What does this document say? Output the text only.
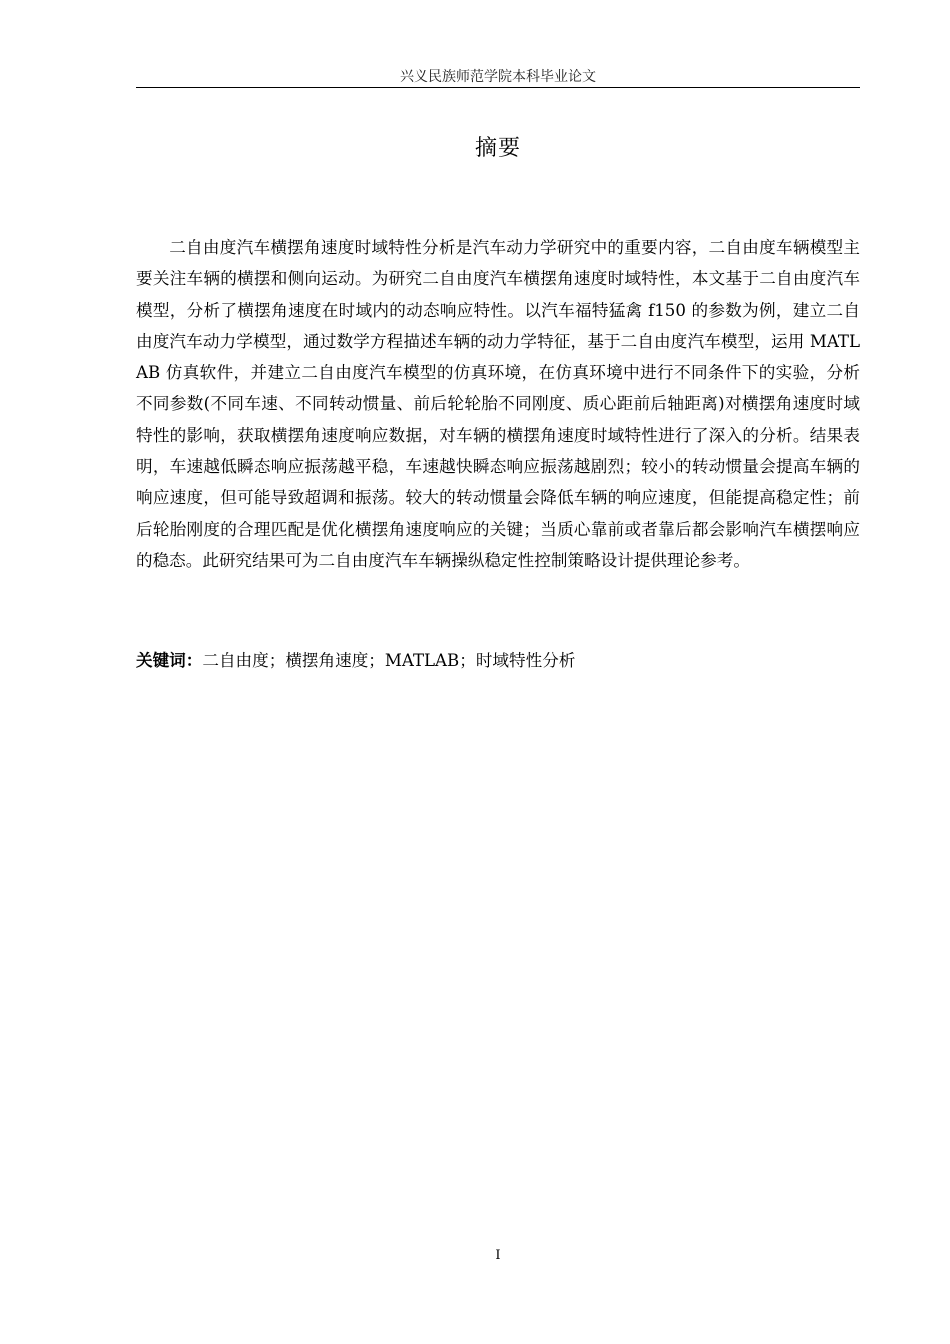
兴义民族师范学院本科毕业论文
摘要

二自由度汽车横摆角速度时域特性分析是汽车动力学研究中的重要内容，二自由度车辆模型主要关注车辆的横摆和侧向运动。为研究二自由度汽车横摆角速度时域特性，本文基于二自由度汽车模型，分析了横摆角速度在时域内的动态响应特性。以汽车福特猛禽 f150 的参数为例，建立二自由度汽车动力学模型，通过数学方程描述车辆的动力学特征，基于二自由度汽车模型，运用 MATLAB 仿真软件，并建立二自由度汽车模型的仿真环境，在仿真环境中进行不同条件下的实验，分析不同参数(不同车速、不同转动惯量、前后轮轮胎不同刚度、质心距前后轴距离)对横摆角速度时域特性的影响，获取横摆角速度响应数据，对车辆的横摆角速度时域特性进行了深入的分析。结果表明，车速越低瞬态响应振荡越平稳，车速越快瞬态响应振荡越剧烈；较小的转动惯量会提高车辆的响应速度，但可能导致超调和振荡。较大的转动惯量会降低车辆的响应速度，但能提高稳定性；前后轮胎刚度的合理匹配是优化横摆角速度响应的关键；当质心靠前或者靠后都会影响汽车横摆响应的稳态。此研究结果可为二自由度汽车车辆操纵稳定性控制策略设计提供理论参考。

关键词：二自由度；横摆角速度；MATLAB；时域特性分析

I
